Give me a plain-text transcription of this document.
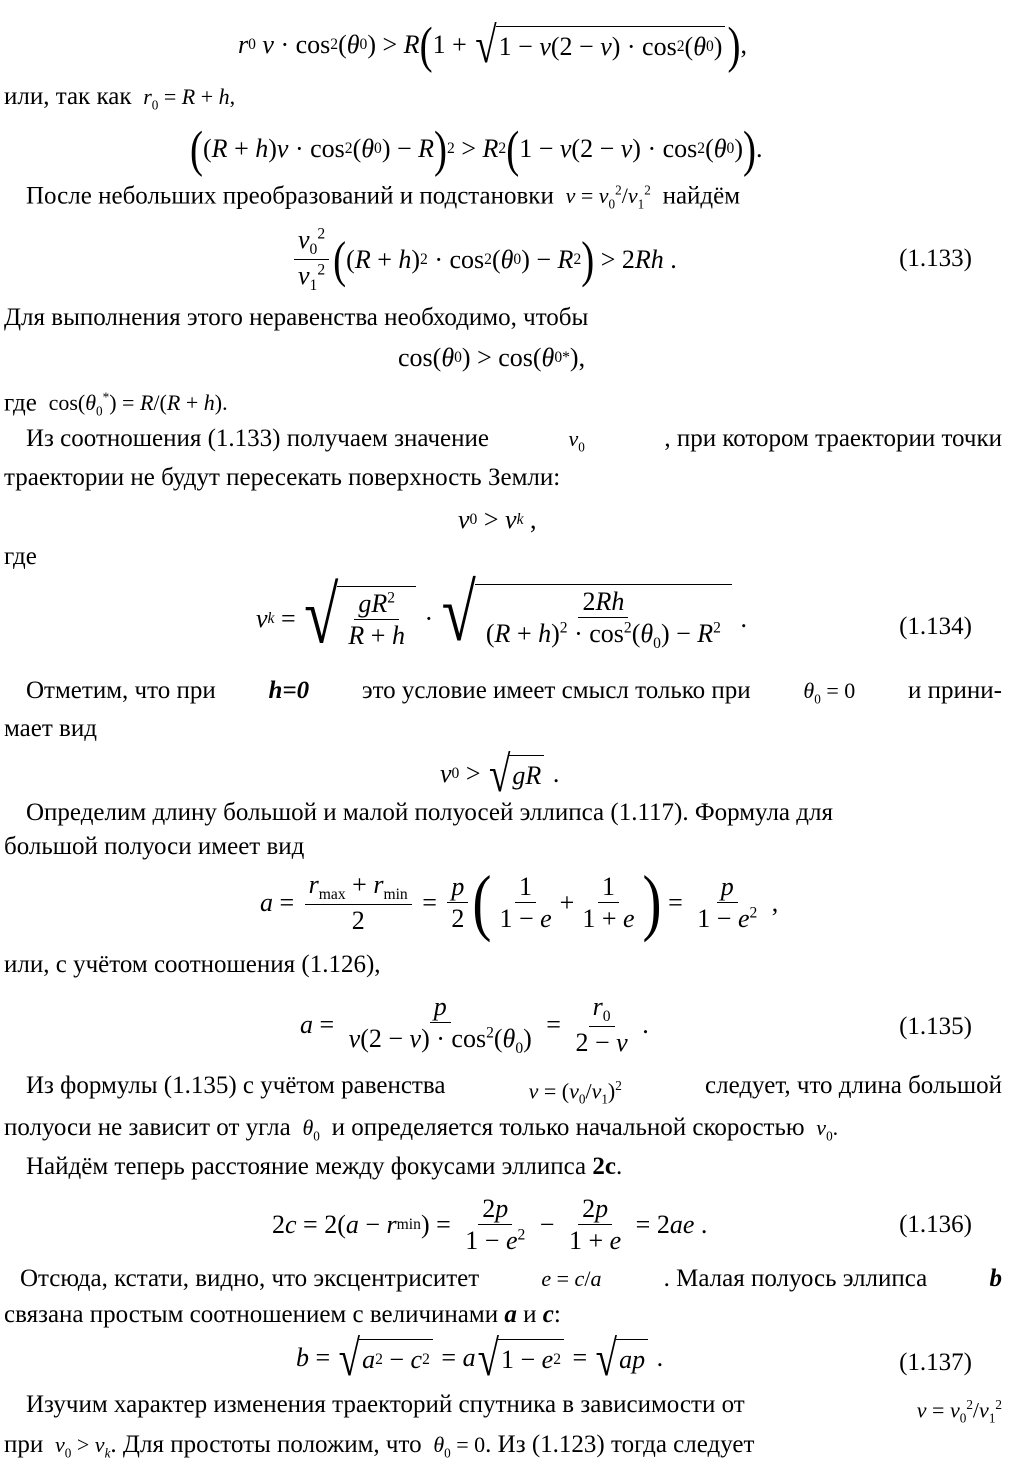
r 0 v · cos 2 ( θ 0 ) > R ( 1 + √ 1 − v (2 − v ) · cos 2 ( θ 0 ) ) ,
или, так как $r_0 = R + h$,
( ( R + h ) v · cos 2 ( θ 0 ) − R ) 2 > R 2 ( 1 − v (2 − v ) · cos 2 ( θ 0 ) ) .
После небольших преобразований и подстановки $v = v_0^2/v_1^2$ найдём
$v_0^2$
$v_1^2$ ( ( R + h ) 2 · cos 2 ( θ 0 ) − R 2 ) > 2 Rh .	(1.133)
Для выполнения этого неравенства необходимо, чтобы
cos( θ 0 ) > cos( θ 0 * ),
где  $\cos(\theta_0^*) = R/(R + h)$.
Из соотношения (1.133) получаем значение	$v_0$	, при котором траектории точки
траектории не будут пересекать поверхность Земли:
v 0 > v k ,
где
v k = √ $gR^2$
R + h
· √	2Rh
$(R + h)^2 \cdot \cos^2(\theta_0) - R^2$ .	(1.134)
Отметим, что при h=0 это условие имеет смысл только при $\theta_0 = 0$ и прини-
мает вид
v 0 > √ gR .
Определим длину большой и малой полуосей эллипса (1.117). Формула для
большой полуоси имеет вид
a =
$r_{max} + r_{min}$
2
=
p
2 ( 1
1 − e
+
1
1 + e ) =
p
$1 - e^2$ ,
или, с учётом соотношения (1.126),
a =
p
$v(2 - v) \cdot \cos^2(\theta_0)$ =
$r_0$
2 − v
.	(1.135)
Из формулы (1.135) с учётом равенства	$v = (v_0/v_1)^2$	следует, что длина большой
полуоси не зависит от угла $\theta_0$ и определяется только начальной скоростью $v_0$.
Найдём теперь расстояние между фокусами эллипса 2c.
2 c = 2( a − r min ) =
2p
$1 - e^2$ −
2p
1 + e
= 2 ae .	(1.136)
Отсюда, кстати, видно, что эксцентриситет	e = c/a . Малая полуось эллипса b
связана простым соотношением с величинами a и c:
b = √ a 2 − c 2 = a √ 1 − e 2 = √ ap .	(1.137)
Изучим характер изменения траекторий спутника в зависимости от	$v = v_0^2/v_1^2$
при $v_0 > v_k$. Для простоты положим, что $\theta_0 = 0$. Из (1.123) тогда следует
